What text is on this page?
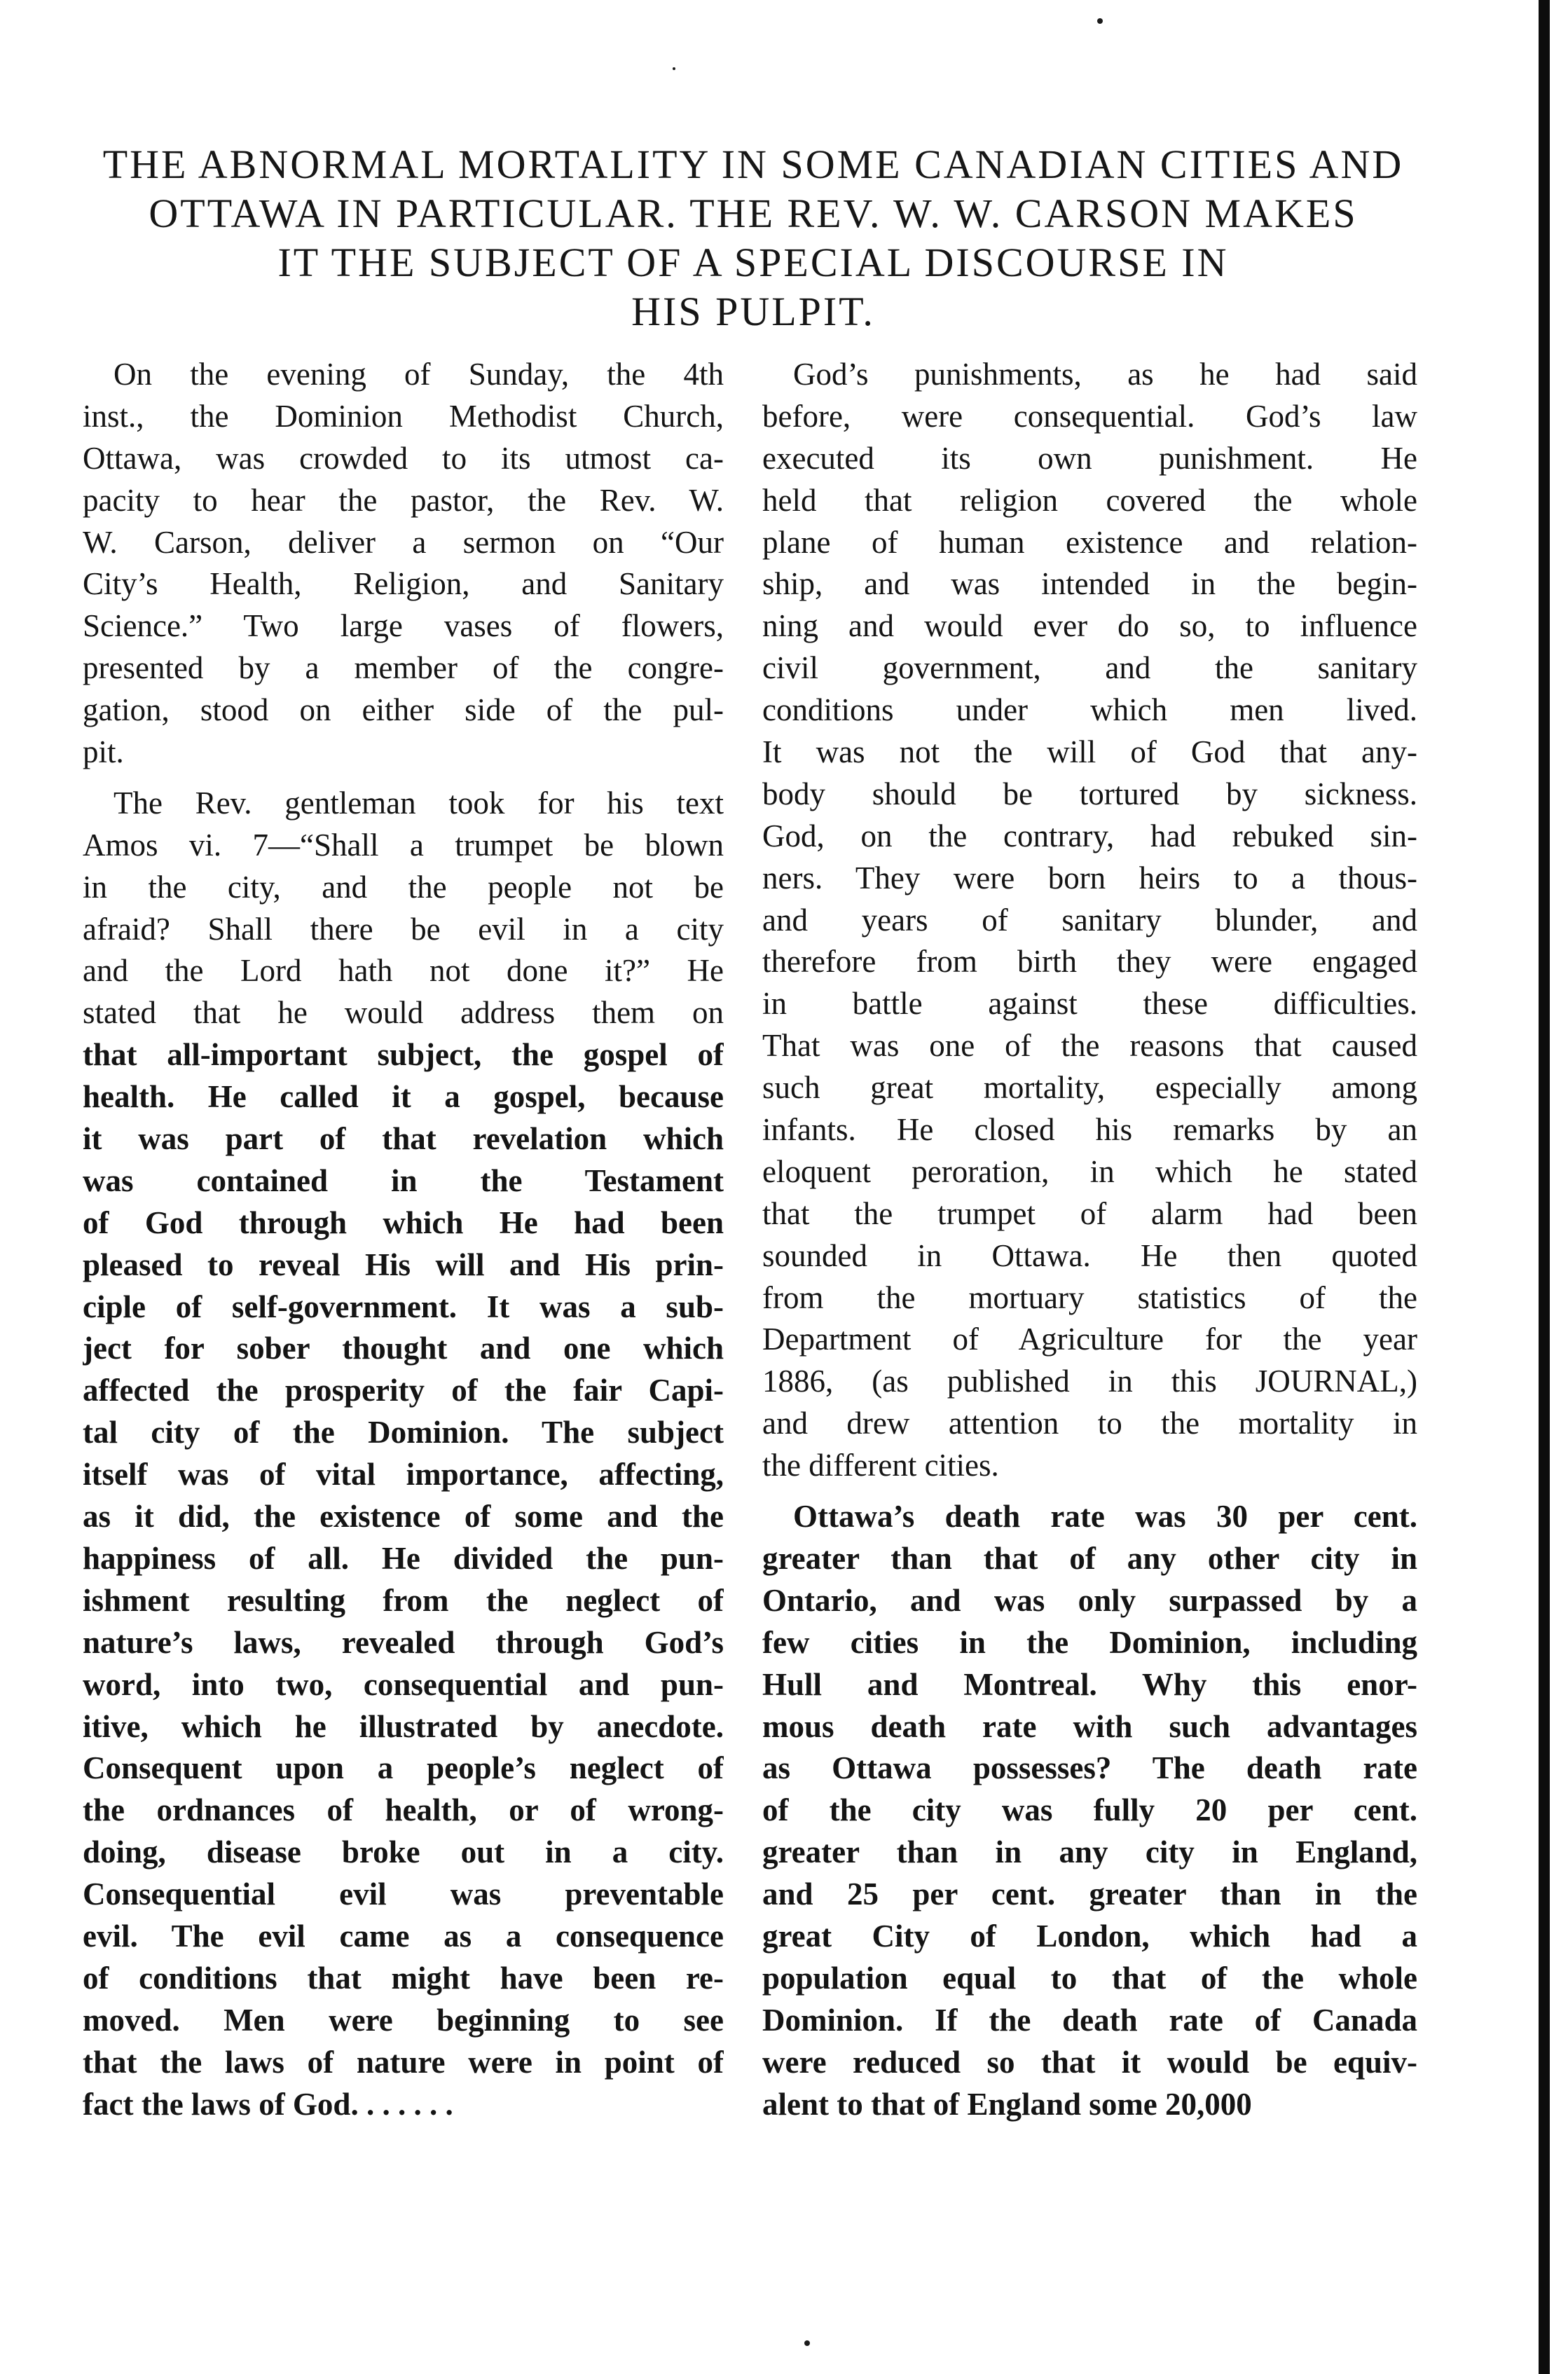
THE ABNORMAL MORTALITY IN SOME CANADIAN CITIES AND
OTTAWA IN PARTICULAR. THE REV. W. W. CARSON MAKES
IT THE SUBJECT OF A SPECIAL DISCOURSE IN
HIS PULPIT.
On the evening of Sunday, the 4th
inst., the Dominion Methodist Church,
Ottawa, was crowded to its utmost ca-
pacity to hear the pastor, the Rev. W.
W. Carson, deliver a sermon on “Our
City’s Health, Religion, and Sanitary
Science.” Two large vases of flowers,
presented by a member of the congre-
gation, stood on either side of the pul-
pit.
The Rev. gentleman took for his text
Amos vi. 7—“Shall a trumpet be blown
in the city, and the people not be
afraid? Shall there be evil in a city
and the Lord hath not done it?” He
stated that he would address them on
that all-important subject, the gospel of
health. He called it a gospel, because
it was part of that revelation which
was contained in the Testament
of God through which He had been
pleased to reveal His will and His prin-
ciple of self-government. It was a sub-
ject for sober thought and one which
affected the prosperity of the fair Capi-
tal city of the Dominion. The subject
itself was of vital importance, affecting,
as it did, the existence of some and the
happiness of all. He divided the pun-
ishment resulting from the neglect of
nature’s laws, revealed through God’s
word, into two, consequential and pun-
itive, which he illustrated by anecdote.
Consequent upon a people’s neglect of
the ordnances of health, or of wrong-
doing, disease broke out in a city.
Consequential evil was preventable
evil. The evil came as a consequence
of conditions that might have been re-
moved. Men were beginning to see
that the laws of nature were in point of
fact the laws of God. . . . . . .
God’s punishments, as he had said
before, were consequential. God’s law
executed its own punishment. He
held that religion covered the whole
plane of human existence and relation-
ship, and was intended in the begin-
ning and would ever do so, to influence
civil government, and the sanitary
conditions under which men lived.
It was not the will of God that any-
body should be tortured by sickness.
God, on the contrary, had rebuked sin-
ners. They were born heirs to a thous-
and years of sanitary blunder, and
therefore from birth they were engaged
in battle against these difficulties.
That was one of the reasons that caused
such great mortality, especially among
infants. He closed his remarks by an
eloquent peroration, in which he stated
that the trumpet of alarm had been
sounded in Ottawa. He then quoted
from the mortuary statistics of the
Department of Agriculture for the year
1886, (as published in this JOURNAL,)
and drew attention to the mortality in
the different cities.
Ottawa’s death rate was 30 per cent.
greater than that of any other city in
Ontario, and was only surpassed by a
few cities in the Dominion, including
Hull and Montreal. Why this enor-
mous death rate with such advantages
as Ottawa possesses? The death rate
of the city was fully 20 per cent.
greater than in any city in England,
and 25 per cent. greater than in the
great City of London, which had a
population equal to that of the whole
Dominion. If the death rate of Canada
were reduced so that it would be equiv-
alent to that of England some 20,000
